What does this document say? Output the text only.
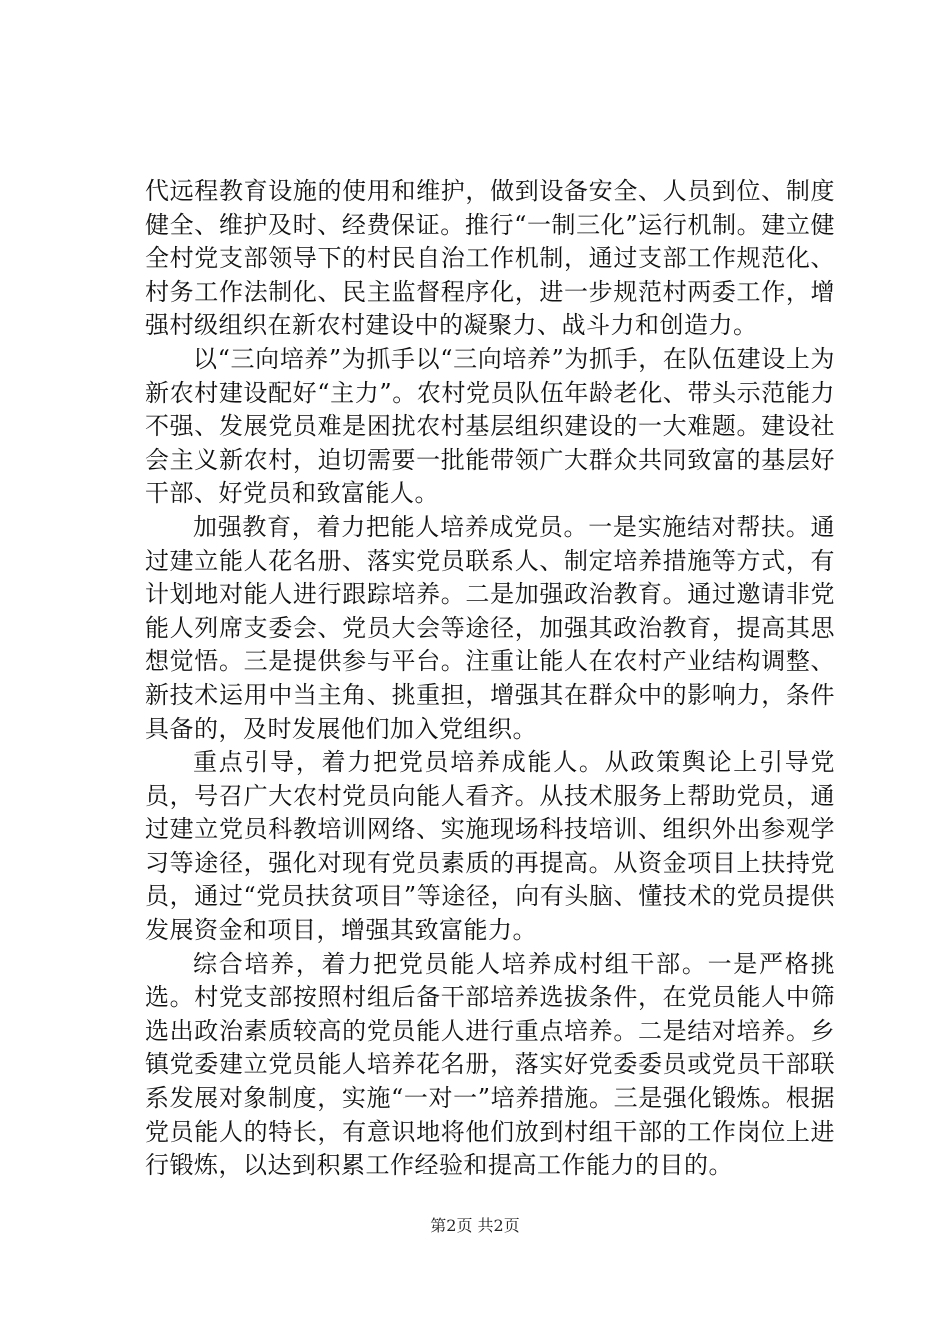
代远程教育设施的使用和维护，做到设备安全、人员到位、制度健全、维护及时、经费保证。推行“一制三化”运行机制。建立健全村党支部领导下的村民自治工作机制，通过支部工作规范化、村务工作法制化、民主监督程序化，进一步规范村两委工作，增强村级组织在新农村建设中的凝聚力、战斗力和创造力。

以“三向培养”为抓手以“三向培养”为抓手，在队伍建设上为新农村建设配好“主力”。农村党员队伍年龄老化、带头示范能力不强、发展党员难是困扰农村基层组织建设的一大难题。建设社会主义新农村，迫切需要一批能带领广大群众共同致富的基层好干部、好党员和致富能人。

加强教育，着力把能人培养成党员。一是实施结对帮扶。通过建立能人花名册、落实党员联系人、制定培养措施等方式，有计划地对能人进行跟踪培养。二是加强政治教育。通过邀请非党能人列席支委会、党员大会等途径，加强其政治教育，提高其思想觉悟。三是提供参与平台。注重让能人在农村产业结构调整、新技术运用中当主角、挑重担，增强其在群众中的影响力，条件具备的，及时发展他们加入党组织。

重点引导，着力把党员培养成能人。从政策舆论上引导党员，号召广大农村党员向能人看齐。从技术服务上帮助党员，通过建立党员科教培训网络、实施现场科技培训、组织外出参观学习等途径，强化对现有党员素质的再提高。从资金项目上扶持党员，通过“党员扶贫项目”等途径，向有头脑、懂技术的党员提供发展资金和项目，增强其致富能力。

综合培养，着力把党员能人培养成村组干部。一是严格挑选。村党支部按照村组后备干部培养选拔条件，在党员能人中筛选出政治素质较高的党员能人进行重点培养。二是结对培养。乡镇党委建立党员能人培养花名册，落实好党委委员或党员干部联系发展对象制度，实施“一对一”培养措施。三是强化锻炼。根据党员能人的特长，有意识地将他们放到村组干部的工作岗位上进行锻炼，以达到积累工作经验和提高工作能力的目的。

第2页 共2页
